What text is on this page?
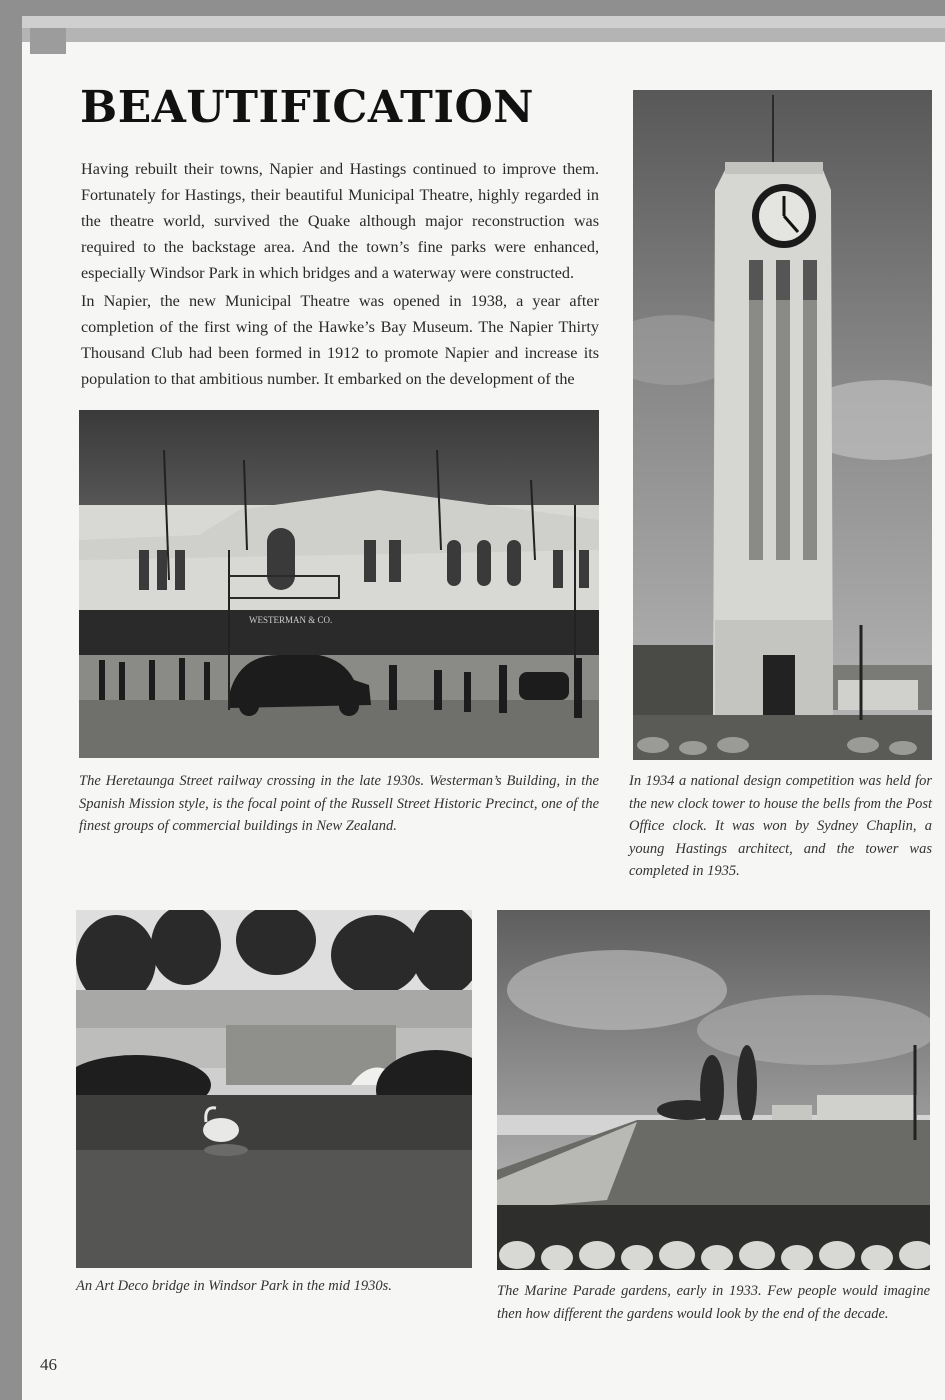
BEAUTIFICATION

Having rebuilt their towns, Napier and Hastings continued to improve them. Fortunately for Hastings, their beautiful Municipal Theatre, highly regarded in the theatre world, survived the Quake although major reconstruction was required to the backstage area. And the town’s fine parks were enhanced, especially Windsor Park in which bridges and a waterway were constructed.

In Napier, the new Municipal Theatre was opened in 1938, a year after completion of the first wing of the Hawke’s Bay Museum. The Napier Thirty Thousand Club had been formed in 1912 to promote Napier and increase its population to that ambitious number. It embarked on the development of the

WESTERMAN & CO.

The Heretaunga Street railway crossing in the late 1930s. Westerman’s Building, in the Spanish Mission style, is the focal point of the Russell Street Historic Precinct, one of the finest groups of commercial buildings in New Zealand.

In 1934 a national design competition was held for the new clock tower to house the bells from the Post Office clock. It was won by Sydney Chaplin, a young Hastings architect, and the tower was completed in 1935.

An Art Deco bridge in Windsor Park in the mid 1930s.	The Marine Parade gardens, early in 1933. Few people would imagine then how different the gardens would look by the end of the decade.

46
